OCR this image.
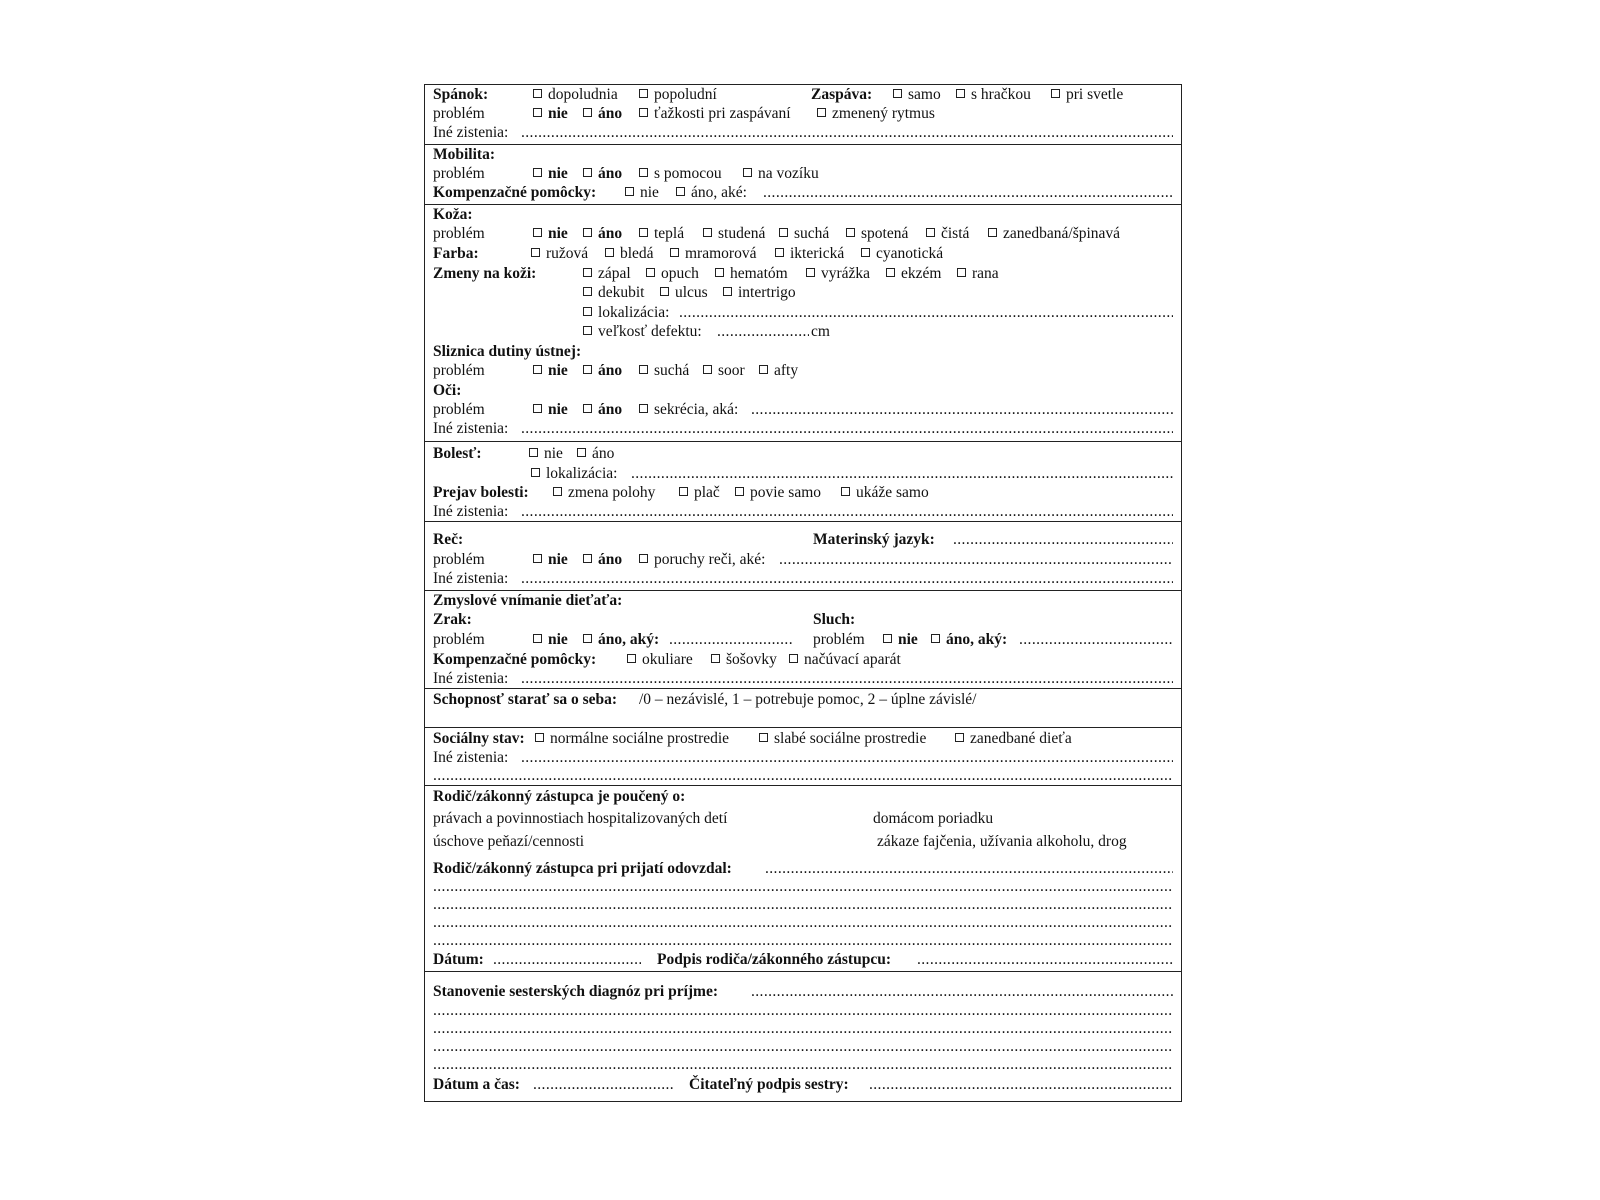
Spánok:	dopoludnia	popoludní	Zaspáva:	samo	s hračkou	pri svetle
problém	nie	áno	ťažkosti pri zaspávaní	zmenený rytmus
Iné zistenia:
.....
Mobilita:
problém	nie	áno	s pomocou	na vozíku
Kompenzačné pomôcky:	nie	áno, aké:
.....
Koža:
problém	nie	áno	teplá	studená	suchá	spotená	čistá	zanedbaná/špinavá
Farba:	ružová	bledá	mramorová	ikterická	cyanotická
Zmeny na koži:	zápal	opuch	hematóm	vyrážka	ekzém	rana
dekubit	ulcus	intertrigo
lokalizácia:
.....
veľkosť defektu: .....	cm
Sliznica dutiny ústnej:
problém	nie	áno	suchá	soor	afty
Oči:
problém	nie	áno	sekrécia, aká:
.....
Iné zistenia:
.....
Bolesť:	nie	áno
lokalizácia:
.....
Prejav bolesti:	zmena polohy	plač	povie samo	ukáže samo
Iné zistenia:
.....
Reč:	Materinský jazyk:
.....
problém	nie	áno	poruchy reči, aké:
.....
Iné zistenia:
.....
Zmyslové vnímanie dieťaťa:
Zrak:	Sluch:
problém	nie	áno, aký: .....	problém	nie	áno, aký:
.....
Kompenzačné pomôcky:	okuliare	šošovky	načúvací aparát
Iné zistenia:
.....
Schopnosť starať sa o seba: /0 – nezávislé, 1 – potrebuje pomoc, 2 – úplne závislé/
Sociálny stav:	normálne sociálne prostredie	slabé sociálne prostredie	zanedbané dieťa
Iné zistenia:
.....
.....
Rodič/zákonný zástupca je poučený o:
právach a povinnostiach hospitalizovaných detí	domácom poriadku
úschove peňazí/cennosti	zákaze fajčenia, užívania alkoholu, drog
Rodič/zákonný zástupca pri prijatí odovzdal:
.....
.....
.....
.....
.....
Dátum: .....	Podpis rodiča/zákonného zástupcu:
.....
Stanovenie sesterských diagnóz pri príjme:
.....
.....
.....
.....
.....
Dátum a čas: .....	Čitateľný podpis sestry:
.....
